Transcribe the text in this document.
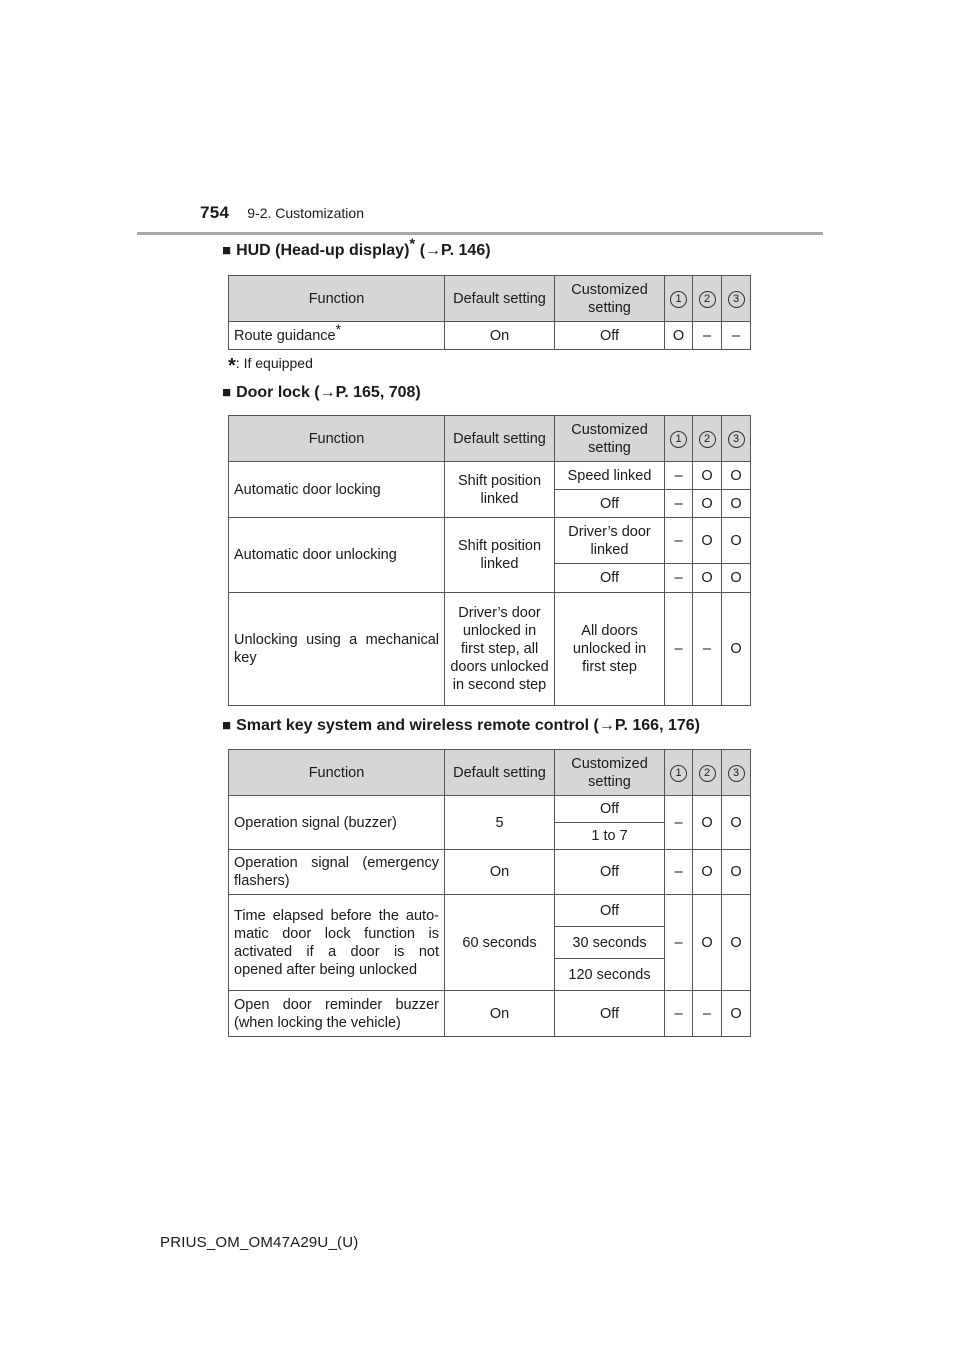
754 9-2. Customization
■ HUD (Head-up display)* (→P. 146)
Function	Default setting	Customized setting	1	2	3
Route guidance*	On	Off	O	–	–
*: If equipped
■ Door lock (→P. 165, 708)
Function	Default setting	Customized setting	1	2	3
Automatic door locking	Shift position linked	Speed linked	–	O	O
		Off	–	O	O
Automatic door unlocking	Shift position linked	Driver’s door linked	–	O	O
		Off	–	O	O
Unlocking using a mechanical key	Driver’s door unlocked in first step, all doors unlocked in second step	All doors unlocked in first step	–	–	O
■ Smart key system and wireless remote control (→P. 166, 176)
Function	Default setting	Customized setting	1	2	3
Operation signal (buzzer)	5	Off	–	O	O
		1 to 7			
Operation signal (emergency flashers)	On	Off	–	O	O
Time elapsed before the automatic door lock function is activated if a door is not opened after being unlocked	60 seconds	Off	–	O	O
		30 seconds			
		120 seconds			
Open door reminder buzzer (when locking the vehicle)	On	Off	–	–	O
PRIUS_OM_OM47A29U_(U)
